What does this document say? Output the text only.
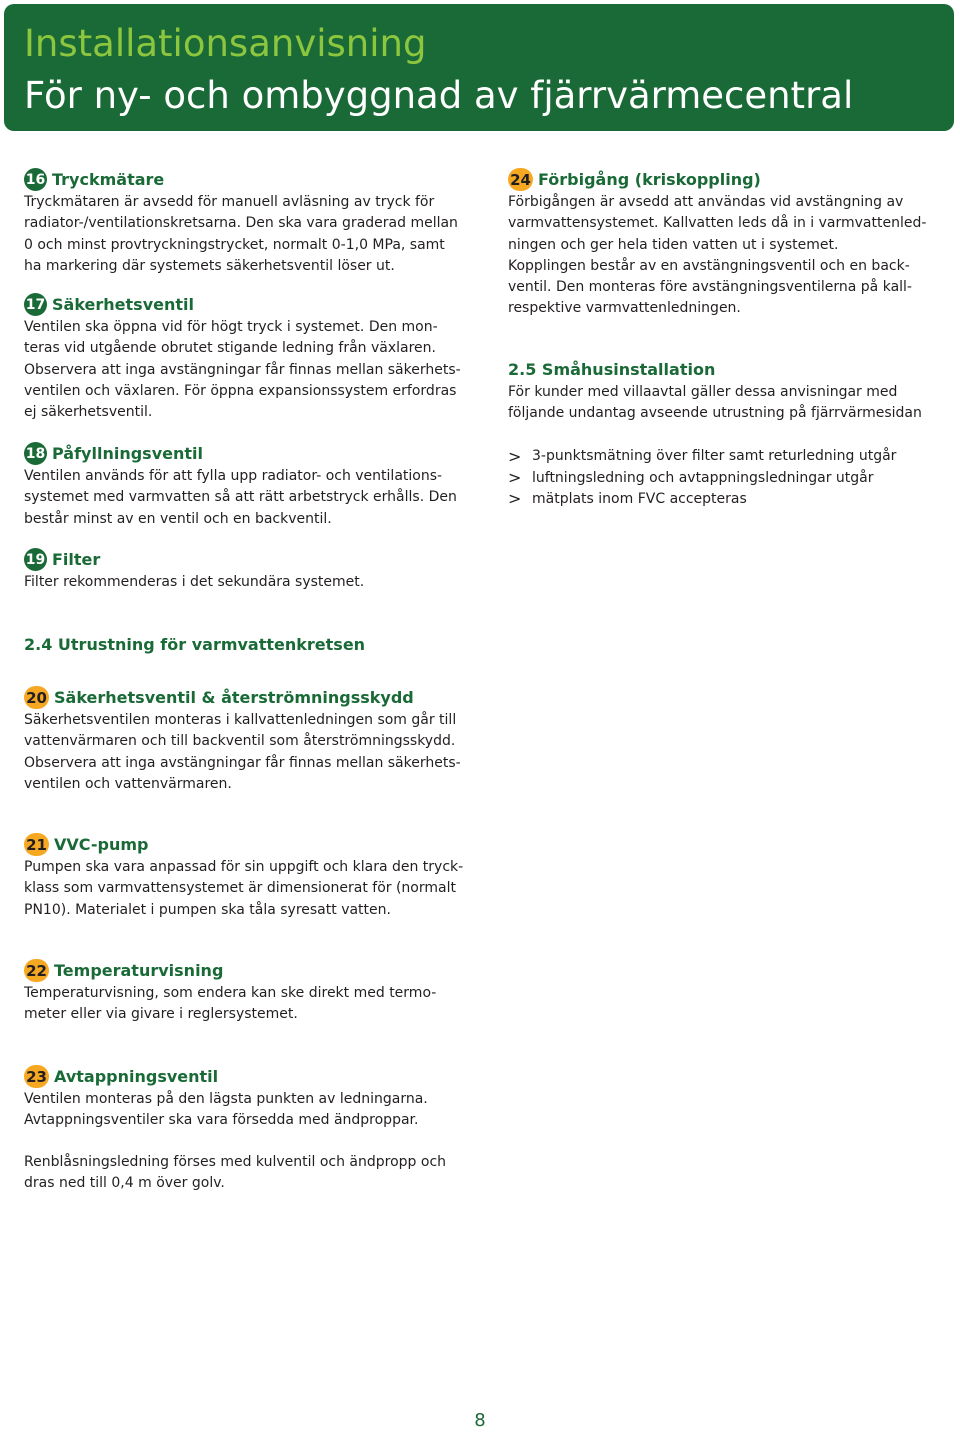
Installationsanvisning
För ny- och ombyggnad av fjärrvärmecentral
16 Tryckmätare
Tryckmätaren är avsedd för manuell avläsning av tryck för
radiator-/ventilationskretsarna. Den ska vara graderad mellan
0 och minst provtryckningstrycket, normalt 0-1,0 MPa, samt
ha markering där systemets säkerhetsventil löser ut.
17 Säkerhetsventil
Ventilen ska öppna vid för högt tryck i systemet. Den mon-
teras vid utgående obrutet stigande ledning från växlaren.
Observera att inga avstängningar får finnas mellan säkerhets-
ventilen och växlaren. För öppna expansionssystem erfordras
ej säkerhetsventil.
18 Påfyllningsventil
Ventilen används för att fylla upp radiator- och ventilations-
systemet med varmvatten så att rätt arbetstryck erhålls. Den
består minst av en ventil och en backventil.
19 Filter
Filter rekommenderas i det sekundära systemet.
2.4 Utrustning för varmvattenkretsen
20 Säkerhetsventil & återströmningsskydd
Säkerhetsventilen monteras i kallvattenledningen som går till
vattenvärmaren och till backventil som återströmningsskydd.
Observera att inga avstängningar får finnas mellan säkerhets-
ventilen och vattenvärmaren.
21 VVC-pump
Pumpen ska vara anpassad för sin uppgift och klara den tryck-
klass som varmvattensystemet är dimensionerat för (normalt
PN10). Materialet i pumpen ska tåla syresatt vatten.
22 Temperaturvisning
Temperaturvisning, som endera kan ske direkt med termo-
meter eller via givare i reglersystemet.
23 Avtappningsventil
Ventilen monteras på den lägsta punkten av ledningarna.
Avtappningsventiler ska vara försedda med ändproppar.
Renblåsningsledning förses med kulventil och ändpropp och
dras ned till 0,4 m över golv.
24 Förbigång (kriskoppling)
Förbigången är avsedd att användas vid avstängning av
varmvattensystemet. Kallvatten leds då in i varmvattenled-
ningen och ger hela tiden vatten ut i systemet.
Kopplingen består av en avstängningsventil och en back-
ventil. Den monteras före avstängningsventilerna på kall-
respektive varmvattenledningen.
2.5 Småhusinstallation
För kunder med villaavtal gäller dessa anvisningar med
följande undantag avseende utrustning på fjärrvärmesidan
> 3-punktsmätning över filter samt returledning utgår
> luftningsledning och avtappningsledningar utgår
> mätplats inom FVC accepteras
8
